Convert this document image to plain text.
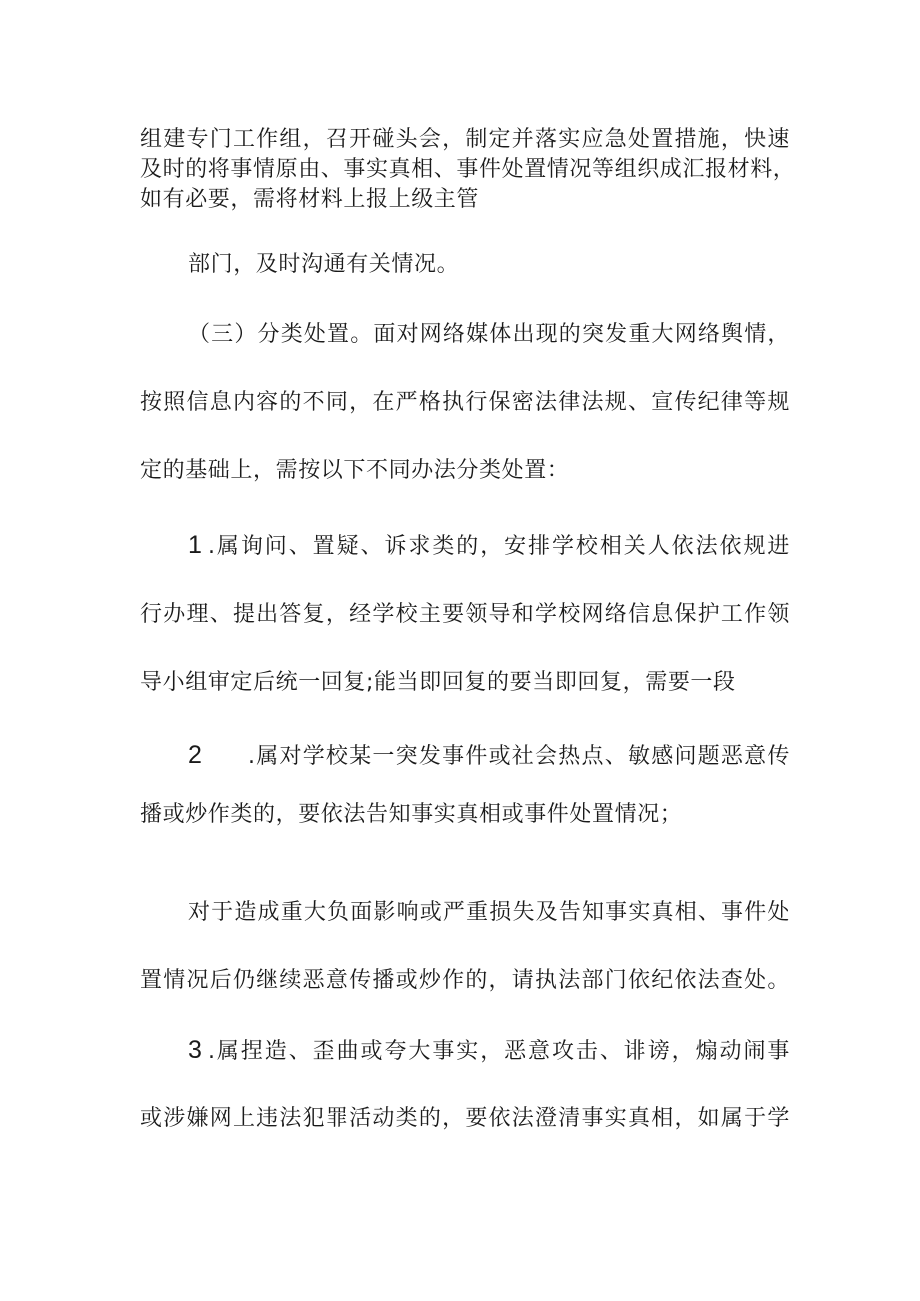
组建专门工作组，召开碰头会，制定并落实应急处置措施，快速
及时的将事情原由、事实真相、事件处置情况等组织成汇报材料，
如有必要，需将材料上报上级主管
部门，及时沟通有关情况。
（三）分类处置。面对网络媒体出现的突发重大网络舆情，
按照信息内容的不同，在严格执行保密法律法规、宣传纪律等规
定的基础上，需按以下不同办法分类处置：
1 .属询问、置疑、诉求类的，安排学校相关人依法依规进
行办理、提出答复，经学校主要领导和学校网络信息保护工作领
导小组审定后统一回复;能当即回复的要当即回复，需要一段
2	.属对学校某一突发事件或社会热点、敏感问题恶意传
播或炒作类的，要依法告知事实真相或事件处置情况；
对于造成重大负面影响或严重损失及告知事实真相、事件处
置情况后仍继续恶意传播或炒作的，请执法部门依纪依法查处。
3 .属捏造、歪曲或夸大事实，恶意攻击、诽谤，煽动闹事
或涉嫌网上违法犯罪活动类的，要依法澄清事实真相，如属于学
